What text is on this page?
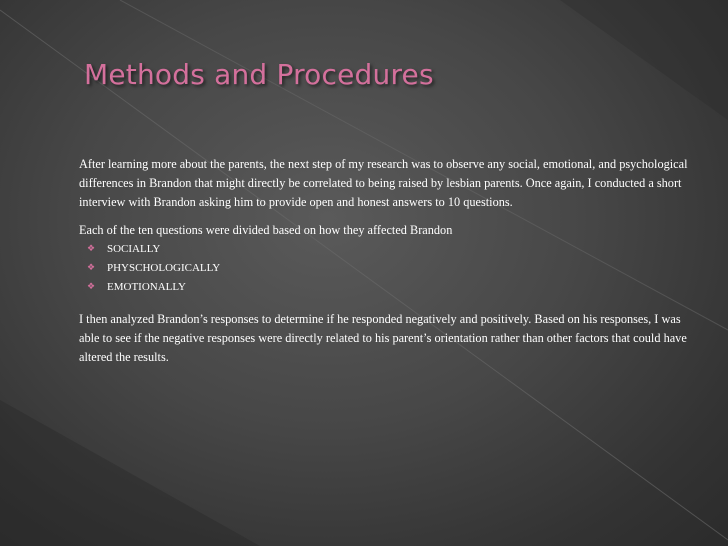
Methods and Procedures

After learning more about the parents, the next step of my research was to observe any social, emotional, and psychological differences in Brandon that might directly be correlated to being raised by lesbian parents. Once again, I conducted a short interview with Brandon asking him to provide open and honest answers to 10 questions.

Each of the ten questions were divided based on how they affected Brandon

❖	SOCIALLY
❖	PHYSCHOLOGICALLY
❖	EMOTIONALLY

I then analyzed Brandon’s responses to determine if he responded negatively and positively. Based on his responses, I was able to see if the negative responses were directly related to his parent’s orientation rather than other factors that could have altered the results.
